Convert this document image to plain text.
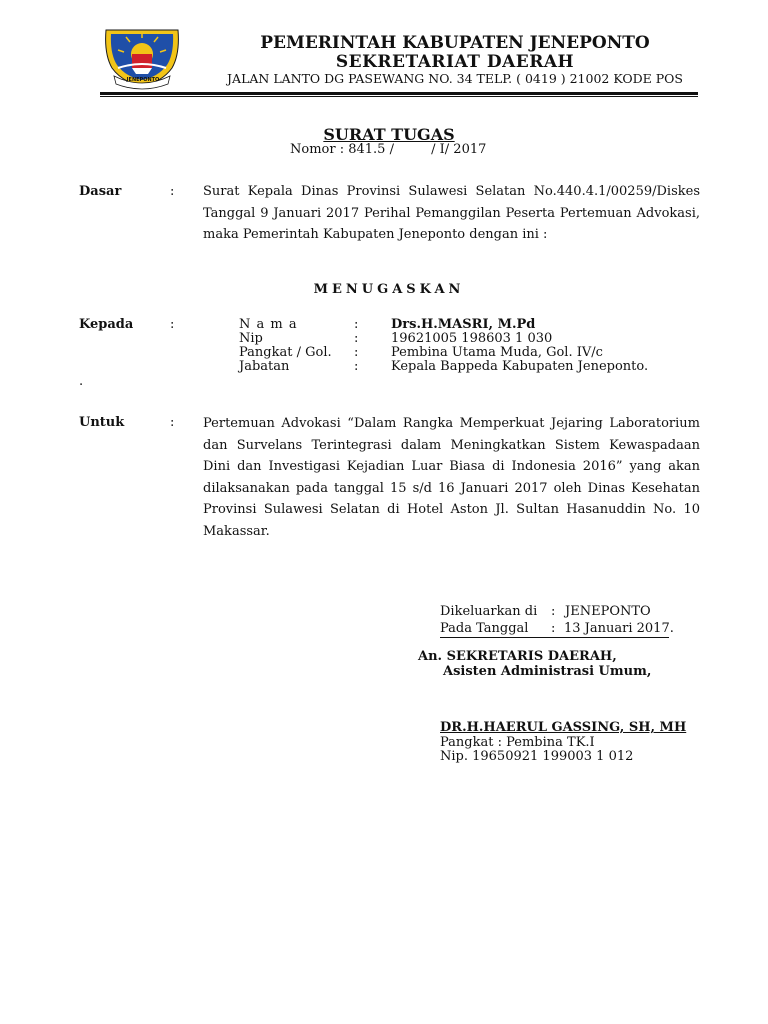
JENEPONTO
PEMERINTAH KABUPATEN JENEPONTO
SEKRETARIAT DAERAH
JALAN LANTO DG PASEWANG NO. 34 TELP. ( 0419 ) 21002 KODE POS
SURAT TUGAS
Nomor : 841.5 /         / I/ 2017
Dasar	: Surat Kepala Dinas Provinsi Sulawesi Selatan No.440.4.1/00259/Diskes Tanggal 9 Januari 2017 Perihal Pemanggilan Peserta Pertemuan Advokasi, maka Pemerintah Kabupaten Jeneponto dengan ini :

MENUGASKAN
Kepada	:	N a m a	:	Drs.H.MASRI, M.Pd
Nip	:	19621005 198603 1 030
Pangkat / Gol. :	Pembina Utama Muda, Gol. IV/c
Jabatan	:	Kepala Bappeda Kabupaten Jeneponto.
.
Untuk	: Pertemuan Advokasi “Dalam Rangka Memperkuat Jejaring Laboratorium dan Survelans Terintegrasi dalam Meningkatkan Sistem Kewaspadaan Dini dan Investigasi Kejadian Luar Biasa di Indonesia 2016” yang akan dilaksanakan pada tanggal 15 s/d 16 Januari 2017 oleh Dinas Kesehatan Provinsi Sulawesi Selatan di Hotel Aston Jl. Sultan Hasanuddin No. 10 Makassar.

Dikeluarkan di : JENEPONTO
Pada Tanggal : 13 Januari 2017.
An. SEKRETARIS DAERAH,
Asisten Administrasi Umum,
DR.H.HAERUL GASSING, SH, MH
Pangkat : Pembina TK.I
Nip. 19650921 199003 1 012
